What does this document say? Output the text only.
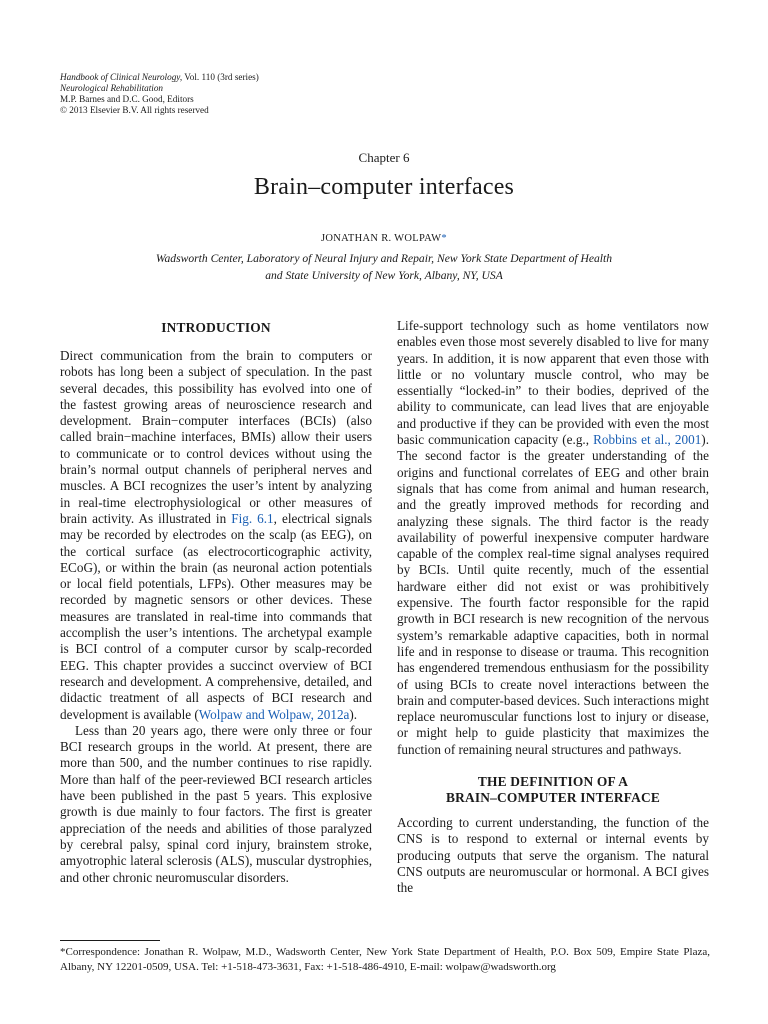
Handbook of Clinical Neurology, Vol. 110 (3rd series)
Neurological Rehabilitation
M.P. Barnes and D.C. Good, Editors
© 2013 Elsevier B.V. All rights reserved
Chapter 6
Brain–computer interfaces
JONATHAN R. WOLPAW*
Wadsworth Center, Laboratory of Neural Injury and Repair, New York State Department of Health
and State University of New York, Albany, NY, USA
INTRODUCTION

Direct communication from the brain to computers or robots has long been a subject of speculation. In the past several decades, this possibility has evolved into one of the fastest growing areas of neuroscience research and development. Brain−computer interfaces (BCIs) (also called brain−machine interfaces, BMIs) allow their users to communicate or to control devices without using the brain’s normal output channels of peripheral nerves and muscles. A BCI recognizes the user’s intent by analyzing in real-time electrophysiological or other measures of brain activity. As illustrated in Fig. 6.1, electrical signals may be recorded by electrodes on the scalp (as EEG), on the cortical surface (as electrocorticographic activity, ECoG), or within the brain (as neuronal action potentials or local field potentials, LFPs). Other measures may be recorded by magnetic sensors or other devices. These measures are translated in real-time into commands that accomplish the user’s intentions. The archetypal example is BCI control of a computer cursor by scalp-recorded EEG. This chapter provides a succinct overview of BCI research and development. A comprehensive, detailed, and didactic treatment of all aspects of BCI research and development is available (Wolpaw and Wolpaw, 2012a).

Less than 20 years ago, there were only three or four BCI research groups in the world. At present, there are more than 500, and the number continues to rise rapidly. More than half of the peer-reviewed BCI research articles have been published in the past 5 years. This explosive growth is due mainly to four factors. The first is greater appreciation of the needs and abilities of those paralyzed by cerebral palsy, spinal cord injury, brainstem stroke, amyotrophic lateral sclerosis (ALS), muscular dystrophies, and other chronic neuromuscular disorders.

Life-support technology such as home ventilators now enables even those most severely disabled to live for many years. In addition, it is now apparent that even those with little or no voluntary muscle control, who may be essentially “locked-in” to their bodies, deprived of the ability to communicate, can lead lives that are enjoyable and productive if they can be provided with even the most basic communication capacity (e.g., Robbins et al., 2001). The second factor is the greater understanding of the origins and functional correlates of EEG and other brain signals that has come from animal and human research, and the greatly improved methods for recording and analyzing these signals. The third factor is the ready availability of powerful inexpensive computer hardware capable of the complex real-time signal analyses required by BCIs. Until quite recently, much of the essential hardware either did not exist or was prohibitively expensive. The fourth factor responsible for the rapid growth in BCI research is new recognition of the nervous system’s remarkable adaptive capacities, both in normal life and in response to disease or trauma. This recognition has engendered tremendous enthusiasm for the possibility of using BCIs to create novel interactions between the brain and computer-based devices. Such interactions might replace neuromuscular functions lost to injury or disease, or might help to guide plasticity that maximizes the function of remaining neural structures and pathways.

THE DEFINITION OF A
BRAIN–COMPUTER INTERFACE

According to current understanding, the function of the CNS is to respond to external or internal events by producing outputs that serve the organism. The natural CNS outputs are neuromuscular or hormonal. A BCI gives the

*Correspondence: Jonathan R. Wolpaw, M.D., Wadsworth Center, New York State Department of Health, P.O. Box 509, Empire State Plaza, Albany, NY 12201-0509, USA. Tel: +1-518-473-3631, Fax: +1-518-486-4910, E-mail: wolpaw@wadsworth.org
